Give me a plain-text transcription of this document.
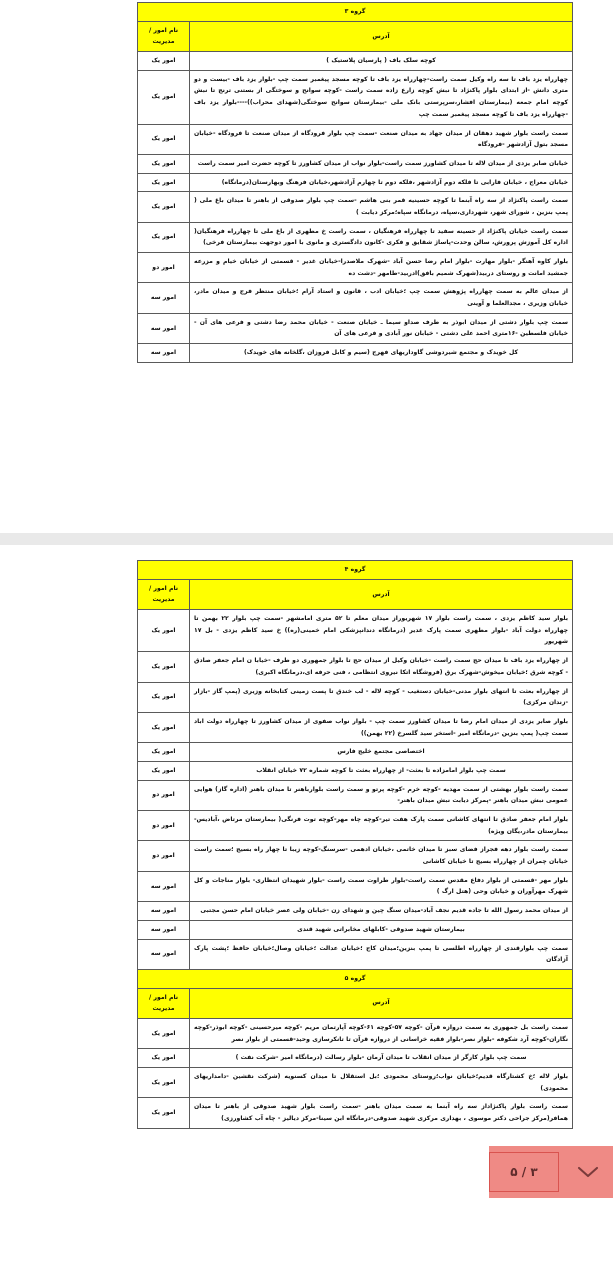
گروه ۳	
آدرس	نام امور /مدیریت
کوچه سلک باف ( پارسیان پلاستیک )	امور یک
چهارراه یزد باف تا سه راه وکیل سمت راست-چهارراه یزد باف تا کوچه مسجد پیغمبر سمت چپ -بلوار یزد باف -بیست و دو متری دانش -از ابتدای بلوار پاکنژاد تا نبش کوچه زارع زاده سمت راست -کوچه سوانح و سوختگی از بستنی ترنج تا نبش کوچه امام جمعه (بیمارستان افشار،سرپرستی بانک ملی -بیمارستان سوانح سوختگی(شهدای محراب))----بلوار یزد باف -چهارراه یزد باف تا کوچه مسجد پیغمبر سمت چپ	امور یک
سمت راست بلوار شهید دهقان از میدان جهاد به میدان صنعت -سمت چپ بلوار فرودگاه از میدان صنعت تا فرودگاه -خیابان مسجد بتول آزادشهر -فرودگاه	امور یک
خیابان صابر یزدی از میدان لاله تا میدان کشاورز سمت راست-بلوار نواب از میدان کشاورز تا کوچه حضرت امیر سمت راست	امور یک
خیابان معراج ، خیابان فارابی تا فلکه دوم آزادشهر ،فلکه دوم تا چهارم آزادشهر،خیابان فرهنگ وبهارستان(درمانگاه)	امور یک
سمت راست پاکنژاد از سه راه آبنما تا کوچه حسینیه قمر بنی هاشم -سمت چپ بلوار صدوقی از باهنر تا میدان باغ ملی ( پمپ بنزین ، شورای شهر، شهرداری،سپاه، درمانگاه سپاه؛مرکز دیابت )	امور یک
سمت راست خیابان پاکنژاد از حسینه سفید تا چهارراه فرهنگیان ، سمت راست خ مطهری از باغ ملی تا چهارراه فرهنگیان( اداره کل آموزش پرورش، سالن وحدت-پاساژ شقایق و فکری -کانون دادگستری و مانوی با امور دوجهت بیمارستان فرخی)	امور یک
بلوار کاوه آهنگر -بلوار مهارت -بلوار امام رضا حسن آباد -شهرک ملاصدرا-خیابان غدیر - قسمتی از خیابان خیام و مزرعه جمشید امانت و روستای دربید(شهرک شمیم بافق)ادربید-طامهر -دشت ده	امور دو
از میدان عالم به سمت چهارراه پژوهش سمت چپ ؛خیابان ادب ، قانون و استاد آرام ؛خیابان منتظر فرج و میدان مادر، خیابان وزیری ، مجدالعلما و آوینی	امور سه
سمت چپ بلوار دشتی از میدان ابوذر به طرف صداو سیما ـ خیابان صنعت - خیابان محمد رضا دشتی و فرعی های آن - خیابان فلسطین -۱۶متری احمد علی دشتی - خیابان نور آبادی و فرعی های آن	امور سه
کل خویدک و مجتمع شیردوشی گاوداریهای فهرج (سیم و کابل فروزان ،گلخانه های خویدک)	امور سه
گروه ۴	
آدرس	نام امور /مدیریت
بلوار سید کاظم یزدی ، سمت راست بلوار ۱۷ شهریوراز میدان معلم تا ۵۲ متری امامشهر -سمت چپ بلوار ۲۲ بهمن تا چهارراه دولت آباد -بلوار مطهری سمت پارک غدیر (درمانگاه دندانپزشکی امام خمینی(ره)) خ سید کاظم یزدی - بل ۱۷ شهریور	امور یک
از چهارراه یزد باف تا میدان حج سمت راست -خیابان وکیل از میدان حج تا بلوار جمهوری دو طرف -خیابا ن امام جعفر صادق - کوچه شرق ؛خیابان میخوش-شهرک برق (فروشگاه اتکا نیروی انتظامی ، فنی حرفه ای،درمانگاه اکبری)	امور یک
از چهارراه بعثت تا انتهای بلوار مدنی-خیابان دستغیب - کوچه لاله - لب خندق تا پست زمینی کتابخانه وزیری (پمپ گاز -بازار -زندان مرکزی)	امور یک
بلوار صابر یزدی از میدان امام رضا تا میدان کشاورز سمت چپ - بلوار نواب صفوی از میدان کشاورز تا چهارراه دولت اباد سمت چپ( پمپ بنزین -درمانگاه امیر -استخر سید گلسرخ (۲۲ بهمن))	امور یک
اختصاصی مجتمع خلیج فارس	امور یک
سمت چپ بلوار امامزاده تا بعثت- از چهارراه بعثت تا کوچه شماره ۷۲ خیابان انقلاب	امور یک
سمت راست بلوار بهشتی از سمت مهدیه -کوچه خرم -کوچه پرتو و سمت راست بلوارباهنر تا میدان باهنر (اداره گاز) هوایی عمومی نبش میدان باهنر -پمرکز دیابت نبش میدان باهنر-	امور دو
بلوار امام جعفر صادق تا انتهای کاشانی سمت پارک هفت تیر-کوچه چاه مهر-کوچه توت فرنگی( بیمارستان مرتاض ،آبادیس-بیمارستان مادر،یگان ویژه)	امور دو
سمت راست بلوار دهه فجراز فضای سبز تا میدان خاتمی ،خیابان ادهمی -سرسنگ-کوچه زیبا تا چهار راه بسیج ؛سمت راست خیابان چمران از چهارراه بسیج تا خیابان کاشانی	امور دو
بلوار مهر -قسمتی از بلوار دفاع مقدس سمت راست-بلوار طراوت سمت راست -بلوار شهیدان انتظاری- بلوار مناجات و کل شهرک مهرآوران و خیابان وحی (هتل ارگ )	امور سه
از میدان محمد رسول الله تا جاده قدیم نجف آباد-میدان سنگ چین و شهدای زن -خیابان ولی عصر خیابان امام حسن مجتبی	امور سه
بیمارستان شهید صدوقی -کابلهای مخابراتی شهید قندی	امور سه
سمت چپ بلوارقندی از چهارراه اطلسی تا پمپ بنزین؛میدان کاج ؛خیابان عدالت ؛خیابان وصال؛خیابان حافظ ؛پشت پارک آزادگان	امور سه
گروه ۵	
آدرس	نام امور /مدیریت
سمت راست بل جمهوری به سمت دروازه قرآن -کوچه ۵۷-کوچه ۶۱-کوچه آپارتمان مریم -کوچه میرحسینی -کوچه ابوذر-کوچه نگاران-کوچه آرد شکوفه -بلوار نصر-بلوار فقیه خراسانی از دروازه قرآن تا تانکرسازی وحید-قسمتی از بلوار نصر	امور یک
سمت چپ بلوار کارگر از میدان انقلاب تا میدان آرمان -بلوار رسالت (درمانگاه امیر -شرکت نفت )	امور یک
بلوار لاله ؛خ کشتارگاه قدیم؛خیابان نواب؛روستای محمودی ؛بل استقلال تا میدان کسنویه (شرکت نقشین -دامداریهای محمودی)	امور یک
سمت راست بلوار پاکنژاداز سه راه آبنما به سمت میدان باهنر -سمت راست بلوار شهید صدوقی از باهنر تا میدان همافر(مرکز جراحی دکتر موسوی ، بهداری مرکزی شهید صدوقی-درمانگاه ابن سینا-مرکز دیالیز - چاه آب کشاورزی)	امور یک
۳ / ۵
